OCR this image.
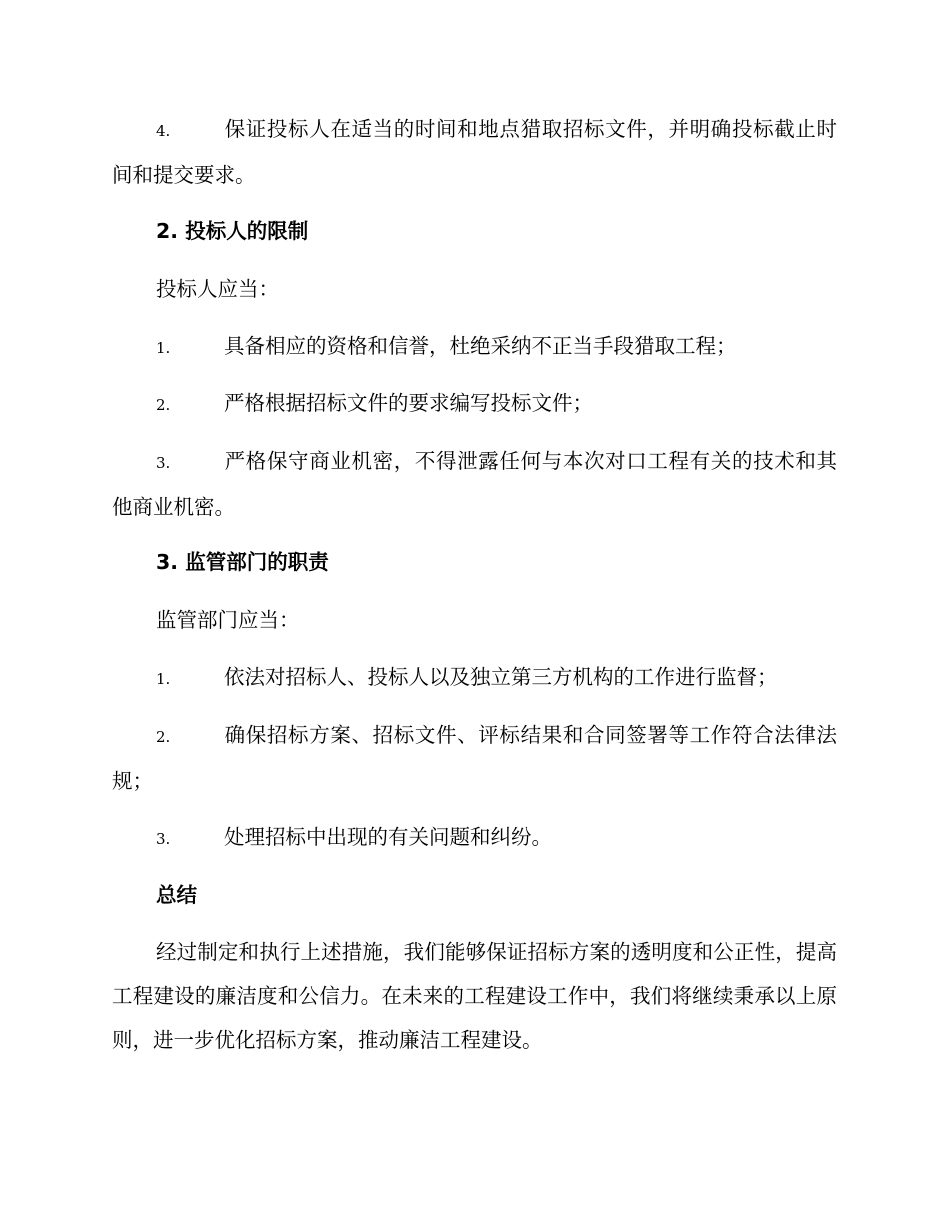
4.	保证投标人在适当的时间和地点猎取招标文件，并明确投标截止时间和提交要求。

2. 投标人的限制

投标人应当：

1.	具备相应的资格和信誉，杜绝采纳不正当手段猎取工程；

2.	严格根据招标文件的要求编写投标文件；

3.	严格保守商业机密，不得泄露任何与本次对口工程有关的技术和其他商业机密。

3. 监管部门的职责

监管部门应当：

1.	依法对招标人、投标人以及独立第三方机构的工作进行监督；

2.	确保招标方案、招标文件、评标结果和合同签署等工作符合法律法规；

3.	处理招标中出现的有关问题和纠纷。

总结

经过制定和执行上述措施，我们能够保证招标方案的透明度和公正性，提高工程建设的廉洁度和公信力。在未来的工程建设工作中，我们将继续秉承以上原则，进一步优化招标方案，推动廉洁工程建设。
